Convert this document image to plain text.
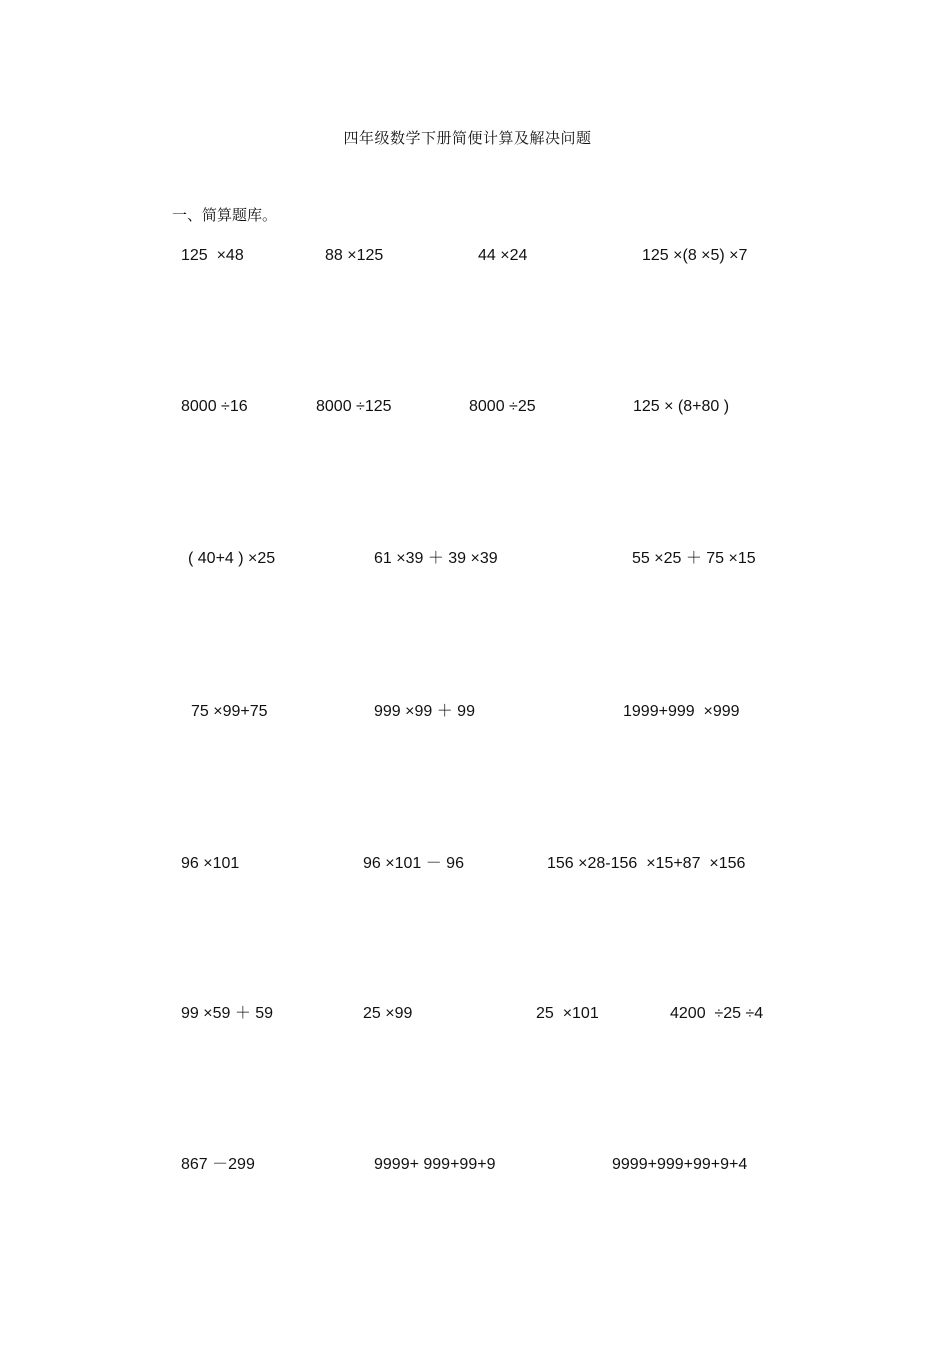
四年级数学下册简便计算及解决问题
一、简算题库。
125  ×48	88 ×125	44 ×24	125 ×(8 ×5) ×7
8000 ÷16	8000 ÷125	8000 ÷25	125 × (8+80 )
( 40+4 ) ×25	61 ×39 ＋ 39 ×39	55 ×25 ＋ 75 ×15
75 ×99+75	999 ×99 ＋ 99	1999+999  ×999
96 ×101	96 ×101 － 96	156 ×28-156  ×15+87  ×156
99 ×59 ＋ 59	25 ×99	25  ×101	4200  ÷25 ÷4
867 －299	9999+ 999+99+9	9999+999+99+9+4
